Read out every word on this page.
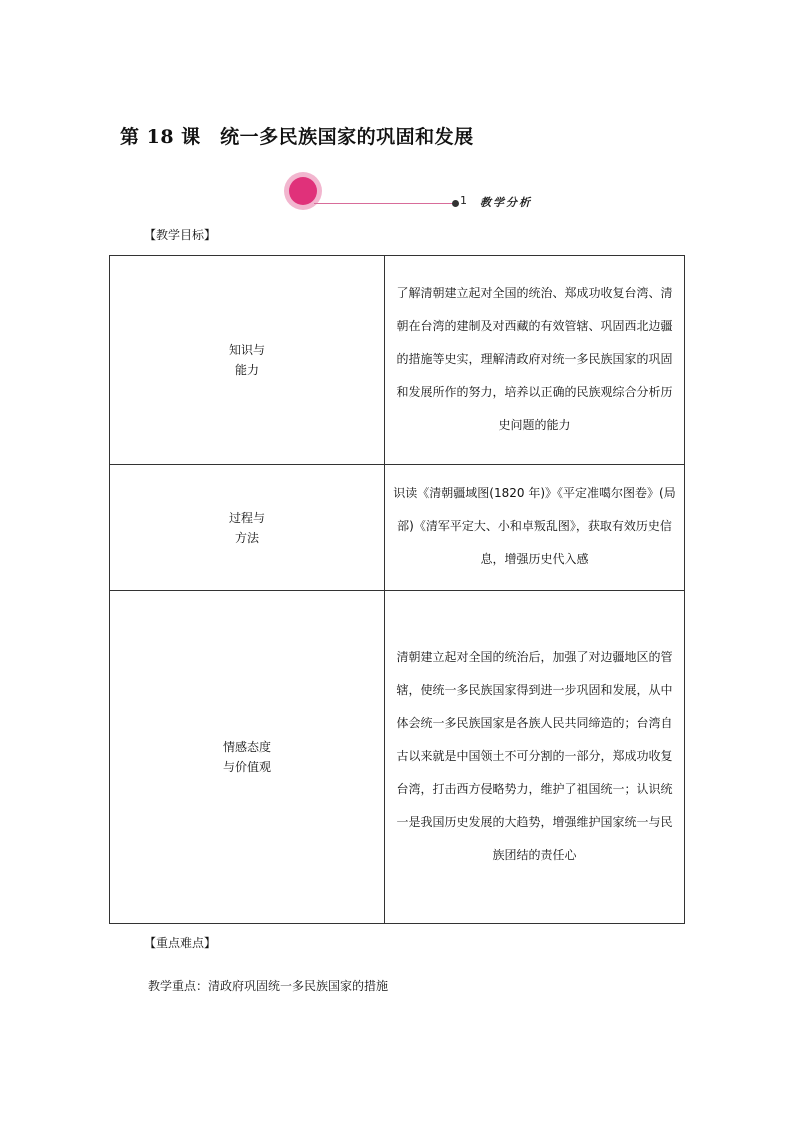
第 18 课　统一多民族国家的巩固和发展
1 教学分析
【教学目标】
知识与
能力	了解清朝建立起对全国的统治、郑成功收复台湾、清朝在台湾的建制及对西藏的有效管辖、巩固西北边疆的措施等史实，理解清政府对统一多民族国家的巩固和发展所作的努力，培养以正确的民族观综合分析历史问题的能力
过程与
方法	识读《清朝疆域图(1820 年)》《平定准噶尔图卷》(局部)《清军平定大、小和卓叛乱图》，获取有效历史信息，增强历史代入感
情感态度
与价值观	清朝建立起对全国的统治后，加强了对边疆地区的管辖，使统一多民族国家得到进一步巩固和发展，从中体会统一多民族国家是各族人民共同缔造的；台湾自古以来就是中国领土不可分割的一部分，郑成功收复台湾，打击西方侵略势力，维护了祖国统一；认识统一是我国历史发展的大趋势，增强维护国家统一与民族团结的责任心
【重点难点】
教学重点：清政府巩固统一多民族国家的措施
